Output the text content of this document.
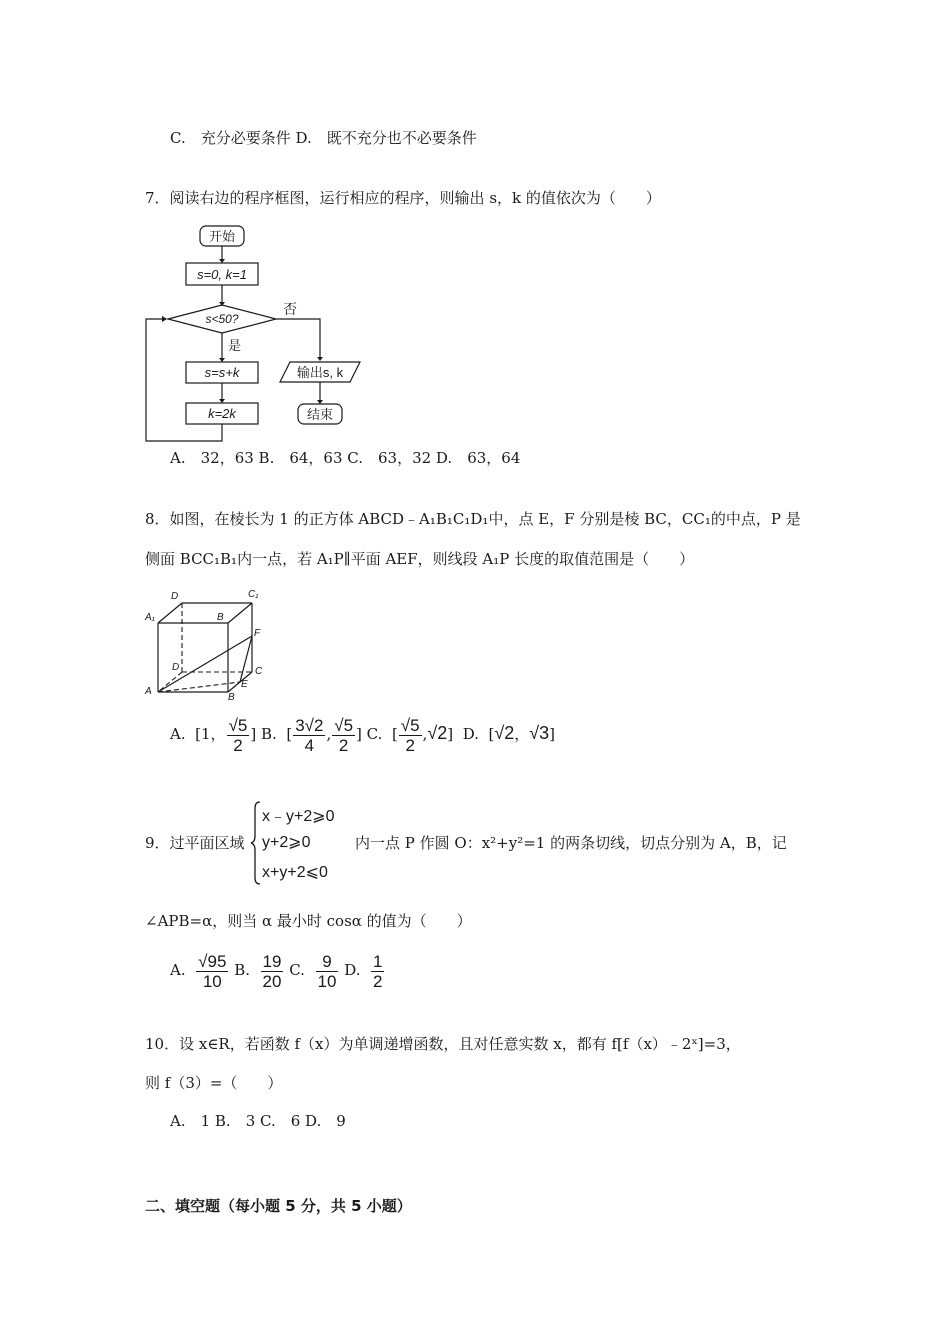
C.　充分必要条件 D.　既不充分也不必要条件
7．阅读右边的程序框图，运行相应的程序，则输出 s，k 的值依次为（　　）
开始
s=0, k=1
s<50?
否
是
s=s+k
k=2k
输出s, k
结束
A.　32，63 B.　64，63 C.　63，32 D.　63，64
8．如图，在棱长为 1 的正方体 ABCD﹣A₁B₁C₁D₁中，点 E，F 分别是棱 BC，CC₁的中点，P 是
侧面 BCC₁B₁内一点，若 A₁P∥平面 AEF，则线段 A₁P 长度的取值范围是（　　）
D	C₁
A₁	B
F
D	C
A
E
B
A. [1， $\frac{√5}{2}$ ] B. [ $\frac{3√2}{4}$ , $\frac{√5}{2}$ ] C. [ $\frac{√5}{2} ,√2$] D. [√2，√3]
9．过平面区域
x﹣y+2⩾0
y+2⩾0
x+y+2⩽0
内一点 P 作圆 O：x²+y²=1 的两条切线，切点分别为 A，B，记
∠APB=α，则当 α 最小时 cosα 的值为（　　）
A. $\frac{√95}{10} B$. $\frac{19}{20} C$. $\frac{9}{10} D$. $\frac{1}{2}$
10．设 x∈R，若函数 f（x）为单调递增函数，且对任意实数 x，都有 f[f（x）﹣2ˣ]=3，
则 f（3）=（　　）
A.　1 B.　3 C.　6 D.　9
二、填空题（每小题 5 分，共 5 小题）
